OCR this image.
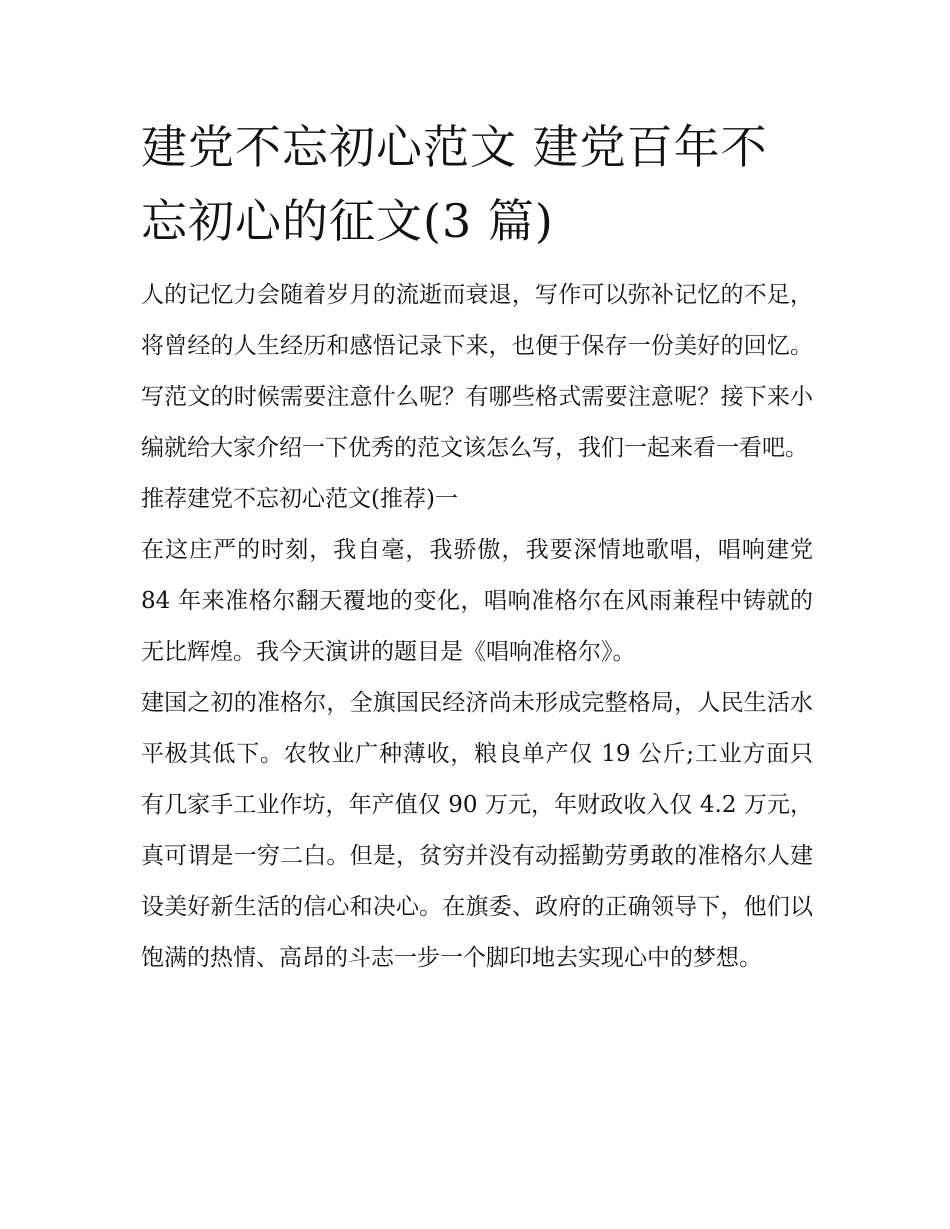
建党不忘初心范文 建党百年不忘初心的征文(3 篇)

人的记忆力会随着岁月的流逝而衰退，写作可以弥补记忆的不足，将曾经的人生经历和感悟记录下来，也便于保存一份美好的回忆。写范文的时候需要注意什么呢？有哪些格式需要注意呢？接下来小编就给大家介绍一下优秀的范文该怎么写，我们一起来看一看吧。

推荐建党不忘初心范文(推荐)一

在这庄严的时刻，我自毫，我骄傲，我要深情地歌唱，唱响建党 84 年来准格尔翻天覆地的变化，唱响准格尔在风雨兼程中铸就的无比辉煌。我今天演讲的题目是《唱响准格尔》。

建国之初的准格尔，全旗国民经济尚未形成完整格局，人民生活水平极其低下。农牧业广种薄收，粮良单产仅 19 公斤;工业方面只有几家手工业作坊，年产值仅 90 万元，年财政收入仅 4.2 万元，真可谓是一穷二白。但是，贫穷并没有动摇勤劳勇敢的准格尔人建设美好新生活的信心和决心。在旗委、政府的正确领导下，他们以饱满的热情、高昂的斗志一步一个脚印地去实现心中的梦想。
